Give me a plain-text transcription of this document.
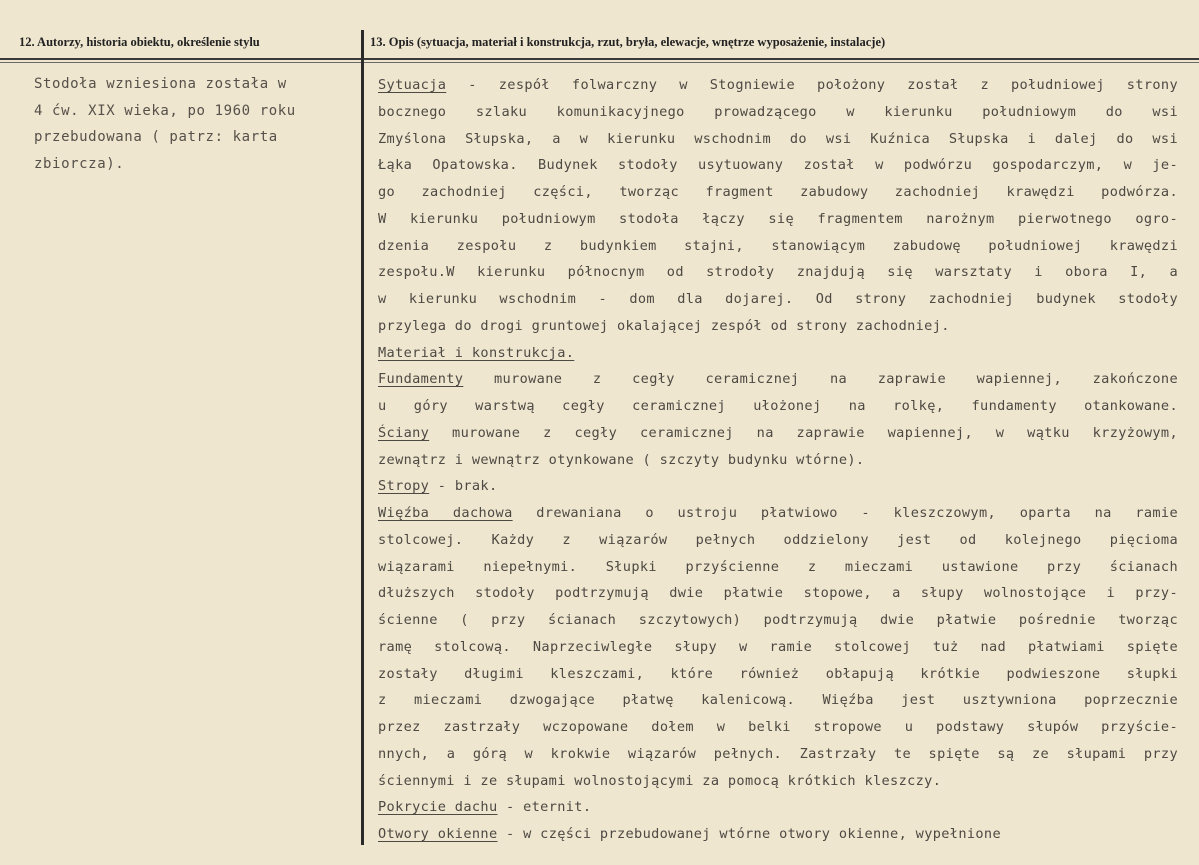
12. Autorzy, historia obiektu, określenie stylu	13. Opis (sytuacja, materiał i konstrukcja, rzut, bryła, elewacje, wnętrze wyposażenie, instalacje)
Stodoła wzniesiona została w
4 ćw. XIX wieka, po 1960 roku
przebudowana ( patrz: karta
zbiorcza).
Sytuacja - zespół folwarczny w Stogniewie położony został z południowej strony
bocznego szlaku komunikacyjnego prowadzącego w kierunku południowym do wsi
Zmyślona Słupska, a w kierunku wschodnim do wsi Kuźnica Słupska i dalej do wsi
Łąka Opatowska. Budynek stodoły usytuowany został w podwórzu gospodarczym, w je-
go zachodniej części, tworząc fragment zabudowy zachodniej krawędzi podwórza.
W kierunku południowym stodoła łączy się fragmentem narożnym pierwotnego ogro-
dzenia zespołu z budynkiem stajni, stanowiącym zabudowę południowej krawędzi
zespołu.W kierunku północnym od strodoły znajdują się warsztaty i obora I, a
w kierunku wschodnim - dom dla dojarej. Od strony zachodniej budynek stodoły
przylega do drogi gruntowej okalającej zespół od strony zachodniej.
Materiał i konstrukcja.
Fundamenty murowane z cegły ceramicznej na zaprawie wapiennej, zakończone
u góry warstwą cegły ceramicznej ułożonej na rolkę, fundamenty otankowane.
Ściany murowane z cegły ceramicznej na zaprawie wapiennej, w wątku krzyżowym,
zewnątrz i wewnątrz otynkowane ( szczyty budynku wtórne).
Stropy - brak.
Więźba dachowa drewaniana o ustroju płatwiowo - kleszczowym, oparta na ramie
stolcowej. Każdy z wiązarów pełnych oddzielony jest od kolejnego pięcioma
wiązarami niepełnymi. Słupki przyścienne z mieczami ustawione przy ścianach
dłuższych stodoły podtrzymują dwie płatwie stopowe, a słupy wolnostojące i przy-
ścienne ( przy ścianach szczytowych) podtrzymują dwie płatwie pośrednie tworząc
ramę stolcową. Naprzeciwległe słupy w ramie stolcowej tuż nad płatwiami spięte
zostały długimi kleszczami, które również obłapują krótkie podwieszone słupki
z mieczami dzwogające płatwę kalenicową. Więźba jest usztywniona poprzecznie
przez zastrzały wczopowane dołem w belki stropowe u podstawy słupów przyście-
nnych, a górą w krokwie wiązarów pełnych. Zastrzały te spięte są ze słupami przy
ściennymi i ze słupami wolnostojącymi za pomocą krótkich kleszczy.
Pokrycie dachu - eternit.
Otwory okienne - w części przebudowanej wtórne otwory okienne, wypełnione
